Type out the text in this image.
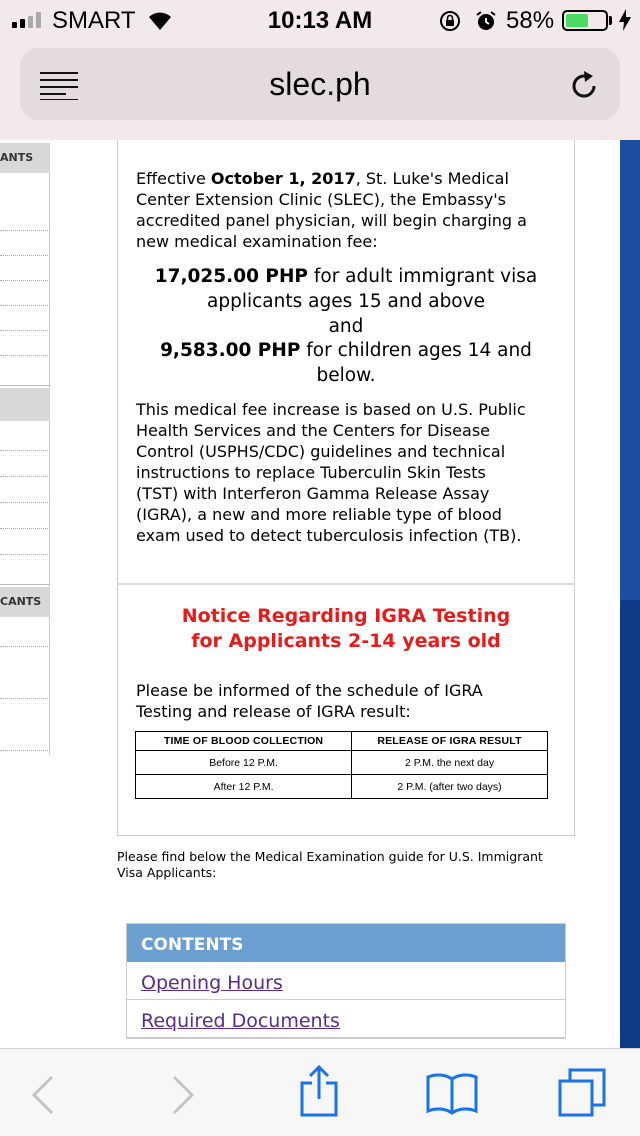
SMART	10:13 AM	58%
slec.ph
ANTS
CANTS

Effective October 1, 2017, St. Luke's Medical
Center Extension Clinic (SLEC), the Embassy's
accredited panel physician, will begin charging a
new medical examination fee:

17,025.00 PHP for adult immigrant visa
applicants ages 15 and above
and
9,583.00 PHP for children ages 14 and
below.

This medical fee increase is based on U.S. Public
Health Services and the Centers for Disease
Control (USPHS/CDC) guidelines and technical
instructions to replace Tuberculin Skin Tests
(TST) with Interferon Gamma Release Assay
(IGRA), a new and more reliable type of blood
exam used to detect tuberculosis infection (TB).

Notice Regarding IGRA Testing
for Applicants 2-14 years old

Please be informed of the schedule of IGRA
Testing and release of IGRA result:

TIME OF BLOOD COLLECTION	RELEASE OF IGRA RESULT
Before 12 P.M.	2 P.M. the next day
After 12 P.M.	2 P.M. (after two days)

Please find below the Medical Examination guide for U.S. Immigrant
Visa Applicants:

CONTENTS
Opening Hours
Required Documents
